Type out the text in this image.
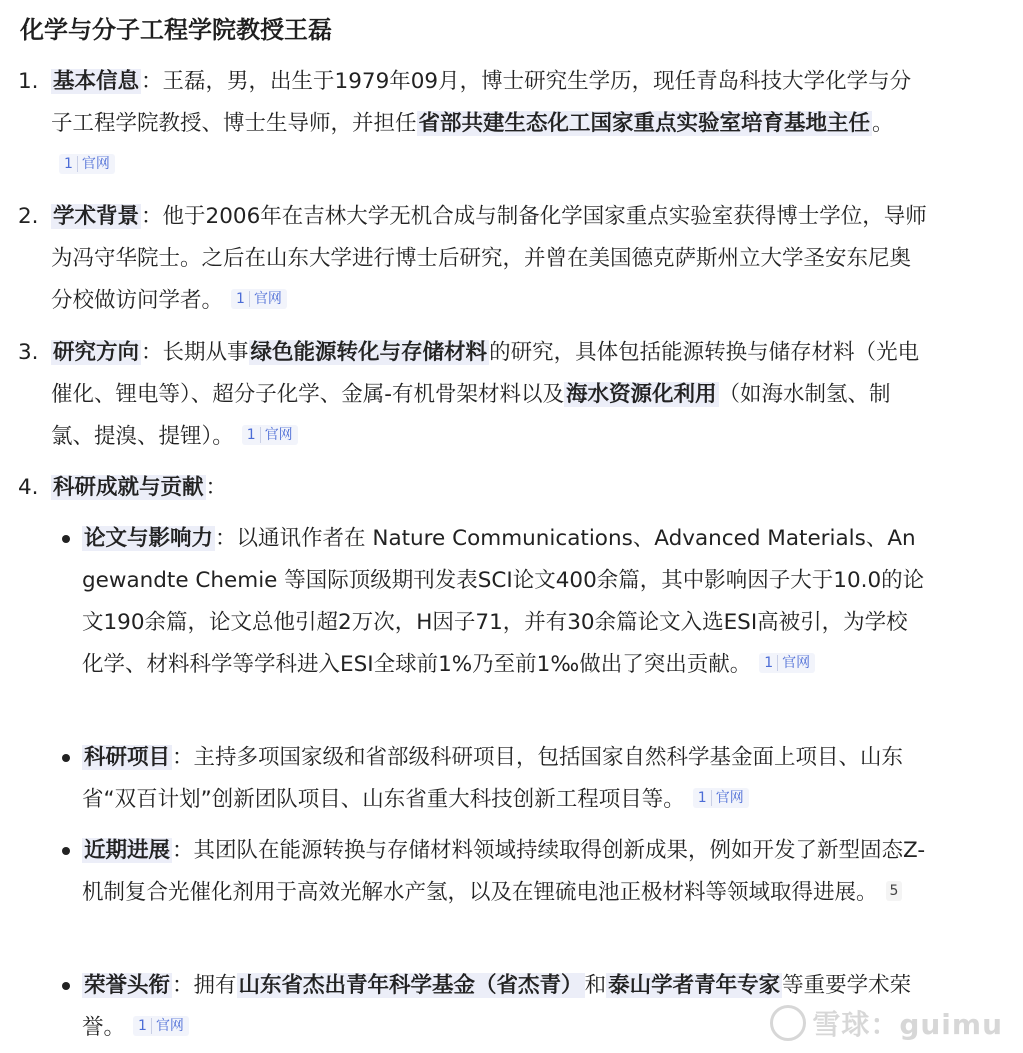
化学与分子工程学院教授王磊
1. 基本信息：王磊，男，出生于1979年09月，博士研究生学历，现任青岛科技大学化学与分子工程学院教授、博士生导师，并担任省部共建生态化工国家重点实验室培育基地主任。1 官网
2. 学术背景：他于2006年在吉林大学无机合成与制备化学国家重点实验室获得博士学位，导师为冯守华院士。之后在山东大学进行博士后研究，并曾在美国德克萨斯州立大学圣安东尼奥分校做访问学者。 1 官网
3. 研究方向：长期从事绿色能源转化与存储材料的研究，具体包括能源转换与储存材料（光电催化、锂电等）、超分子化学、金属-有机骨架材料以及海水资源化利用（如海水制氢、制氯、提溴、提锂）。 1 官网
4. 科研成就与贡献：
论文与影响力：以通讯作者在 Nature Communications、Advanced Materials、Angewandte Chemie 等国际顶级期刊发表SCI论文400余篇，其中影响因子大于10.0的论文190余篇，论文总他引超2万次，H因子71，并有30余篇论文入选ESI高被引，为学校化学、材料科学等学科进入ESI全球前1%乃至前1‰做出了突出贡献。 1 官网
科研项目：主持多项国家级和省部级科研项目，包括国家自然科学基金面上项目、山东省“双百计划”创新团队项目、山东省重大科技创新工程项目等。 1 官网
近期进展：其团队在能源转换与存储材料领域持续取得创新成果，例如开发了新型固态Z-机制复合光催化剂用于高效光解水产氢，以及在锂硫电池正极材料等领域取得进展。 5
荣誉头衔：拥有山东省杰出青年科学基金（省杰青）和泰山学者青年专家等重要学术荣誉。 1 官网	雪球：guimu
